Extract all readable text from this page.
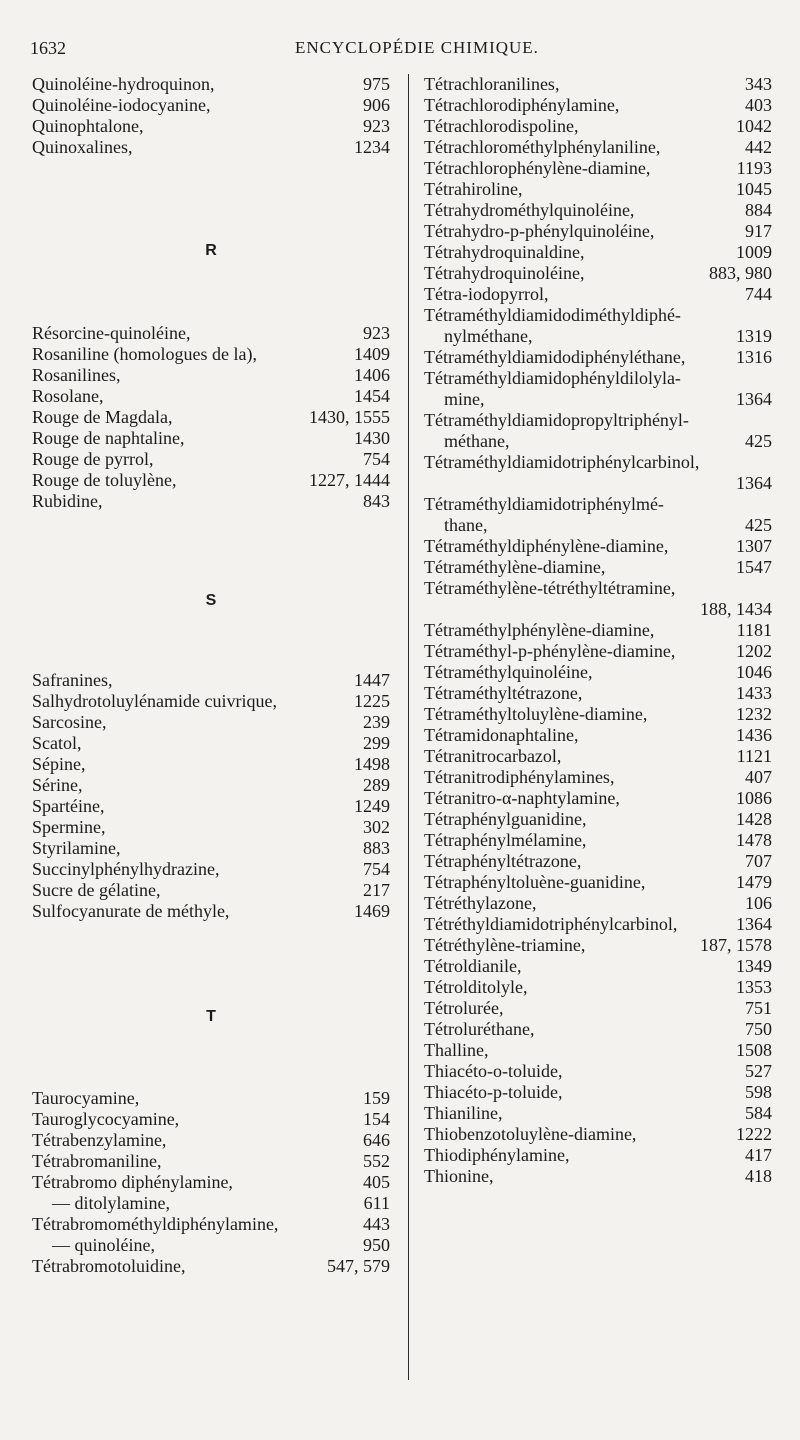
1632	ENCYCLOPÉDIE CHIMIQUE.
Quinoléine-hydroquinon,	975
Quinoléine-iodocyanine,	906
Quinophtalone,	923
Quinoxalines,	1234
R
Résorcine-quinoléine,	923
Rosaniline (homologues de la),	1409
Rosanilines,	1406
Rosolane,	1454
Rouge de Magdala,	1430, 1555
Rouge de naphtaline,	1430
Rouge de pyrrol,	754
Rouge de toluylène,	1227, 1444
Rubidine,	843
S
Safranines,	1447
Salhydrotoluylénamide cuivrique,	1225
Sarcosine,	239
Scatol,	299
Sépine,	1498
Sérine,	289
Spartéine,	1249
Spermine,	302
Styrilamine,	883
Succinylphénylhydrazine,	754
Sucre de gélatine,	217
Sulfocyanurate de méthyle,	1469
T
Taurocyamine,	159
Tauroglycocyamine,	154
Tétrabenzylamine,	646
Tétrabromaniline,	552
Tétrabromo diphénylamine,	405
— ditolylamine,	611
Tétrabromométhyldiphénylamine,	443
— quinoléine,	950
Tétrabromotoluidine,	547, 579
Tétrachloranilines,	343
Tétrachlorodiphénylamine,	403
Tétrachlorodispoline,	1042
Tétrachlorométhylphénylaniline,	442
Tétrachlorophénylène-diamine,	1193
Tétrahiroline,	1045
Tétrahydrométhylquinoléine,	884
Tétrahydro-p-phénylquinoléine,	917
Tétrahydroquinaldine,	1009
Tétrahydroquinoléine,	883, 980
Tétra-iodopyrrol,	744
Tétraméthyldiamidodiméthyldiphé-
nylméthane,	1319
Tétraméthyldiamidodiphényléthane,	1316
Tétraméthyldiamidophényldilolyla-
mine,	1364
Tétraméthyldiamidopropyltriphényl-
méthane,	425
Tétraméthyldiamidotriphénylcarbinol,
1364
Tétraméthyldiamidotriphénylmé-
thane,	425
Tétraméthyldiphénylène-diamine,	1307
Tétraméthylène-diamine,	1547
Tétraméthylène-tétréthyltétramine,
188, 1434
Tétraméthylphénylène-diamine,	1181
Tétraméthyl-p-phénylène-diamine,	1202
Tétraméthylquinoléine,	1046
Tétraméthyltétrazone,	1433
Tétraméthyltoluylène-diamine,	1232
Tétramidonaphtaline,	1436
Tétranitrocarbazol,	1121
Tétranitrodiphénylamines,	407
Tétranitro-α-naphtylamine,	1086
Tétraphénylguanidine,	1428
Tétraphénylmélamine,	1478
Tétraphényltétrazone,	707
Tétraphényltoluène-guanidine,	1479
Tétréthylazone,	106
Tétréthyldiamidotriphénylcarbinol,	1364
Tétréthylène-triamine,	187, 1578
Tétroldianile,	1349
Tétrolditolyle,	1353
Tétrolurée,	751
Tétroluréthane,	750
Thalline,	1508
Thiacéto-o-toluide,	527
Thiacéto-p-toluide,	598
Thianiline,	584
Thiobenzotoluylène-diamine,	1222
Thiodiphénylamine,	417
Thionine,	418
